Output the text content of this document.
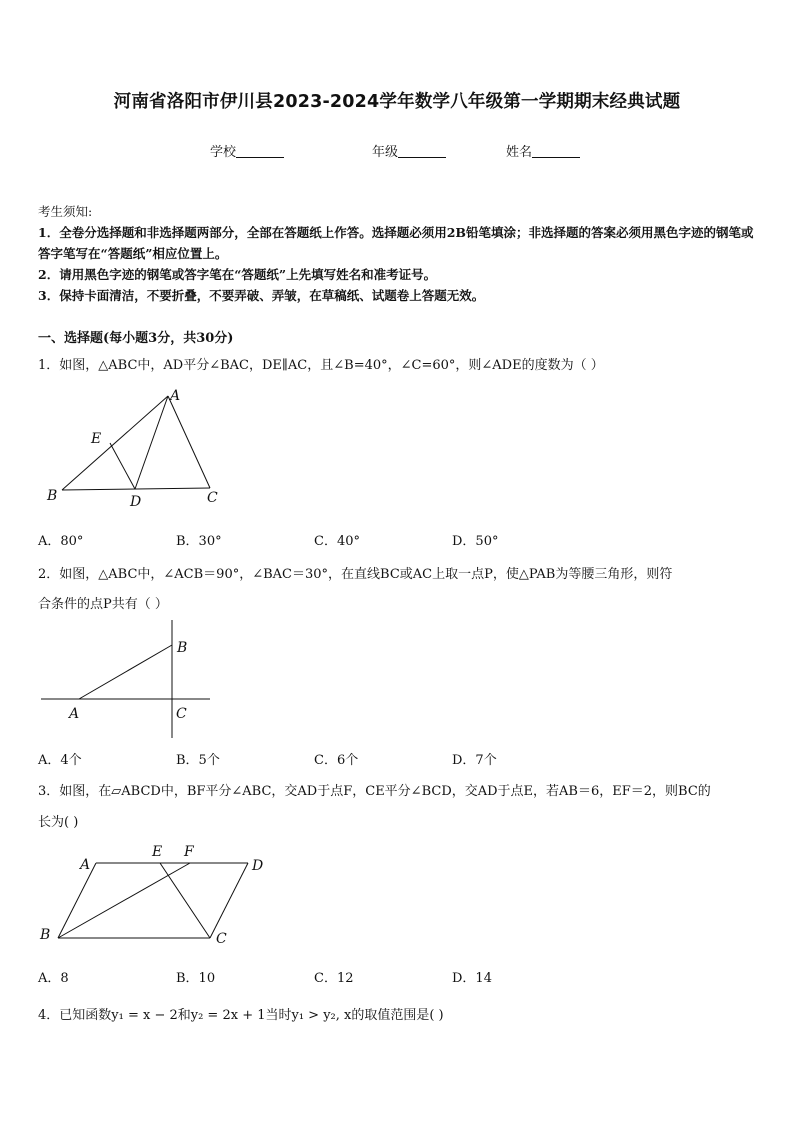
河南省洛阳市伊川县2023-2024学年数学八年级第一学期期末经典试题
学校	年级	姓名
考生须知:
1．全卷分选择题和非选择题两部分，全部在答题纸上作答。选择题必须用2B铅笔填涂；非选择题的答案必须用黑色字迹的钢笔或答字笔写在“答题纸”相应位置上。
2．请用黑色字迹的钢笔或答字笔在“答题纸”上先填写姓名和准考证号。
3．保持卡面清洁，不要折叠，不要弄破、弄皱，在草稿纸、试题卷上答题无效。
一、选择题(每小题3分，共30分)
1．如图，△ABC中，AD平分∠BAC，DE∥AC，且∠B=40°，∠C=60°，则∠ADE的度数为（ ）
A
E
B	D	C
A．80°	B．30°	C．40°	D．50°
2．如图，△ABC中，∠ACB＝90°，∠BAC＝30°，在直线BC或AC上取一点P，使△PAB为等腰三角形，则符
合条件的点P共有（ ）
B
A	C
A．4个	B．5个	C．6个	D．7个
3．如图，在▱ABCD中，BF平分∠ABC，交AD于点F，CE平分∠BCD，交AD于点E，若AB＝6，EF＝2，则BC的
长为( )
A
E F
D
B	C
A．8	B．10	C．12	D．14
4．已知函数y₁ = x − 2和y₂ = 2x + 1当时y₁ > y₂, x的取值范围是( )
